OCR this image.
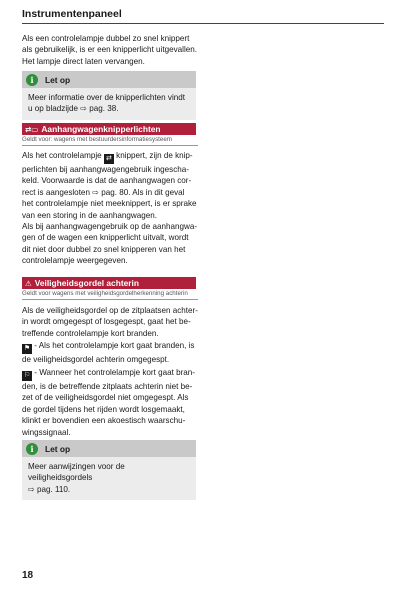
Instrumentenpaneel

Als een controlelampje dubbel zo snel knippert
als gebruikelijk, is er een knipperlicht uitgevallen.
Het lampje direct laten vervangen.

i	Let op
Meer informatie over de knipperlichten vindt
u op bladzijde ⇨ pag. 38.
⇄▭ Aanhangwagenknipperlichten
Geldt voor: wagens met bestuurdersinformatiesysteem

Als het controlelampje ⇄ knippert, zijn de knip-
perlichten bij aanhangwagengebruik ingescha-
keld. Voorwaarde is dat de aanhangwagen cor-
rect is aangesloten ⇨ pag. 80. Als in dit geval
het controlelampje niet meeknippert, is er sprake
van een storing in de aanhangwagen.

Als bij aanhangwagengebruik op de aanhangwa-
gen of de wagen een knipperlicht uitvalt, wordt
dit niet door dubbel zo snel knipperen van het
controlelampje weergegeven.

⚠ Veiligheidsgordel achterin
Geldt voor wagens met veiligheidsgordelherkenning achterin

Als de veiligheidsgordel op de zitplaatsen achter-
in wordt omgegespt of losgegespt, gaat het be-
treffende controlelampje kort branden.

⚑ - Als het controlelampje kort gaat branden, is
de veiligheidsgordel achterin omgegespt.

⚐ - Wanneer het controlelampje kort gaat bran-
den, is de betreffende zitplaats achterin niet be-
zet of de veiligheidsgordel niet omgegespt. Als
de gordel tijdens het rijden wordt losgemaakt,
klinkt er bovendien een akoestisch waarschu-
wingssignaal.

i	Let op
Meer aanwijzingen voor de veiligheidsgordels
⇨ pag. 110.
18
